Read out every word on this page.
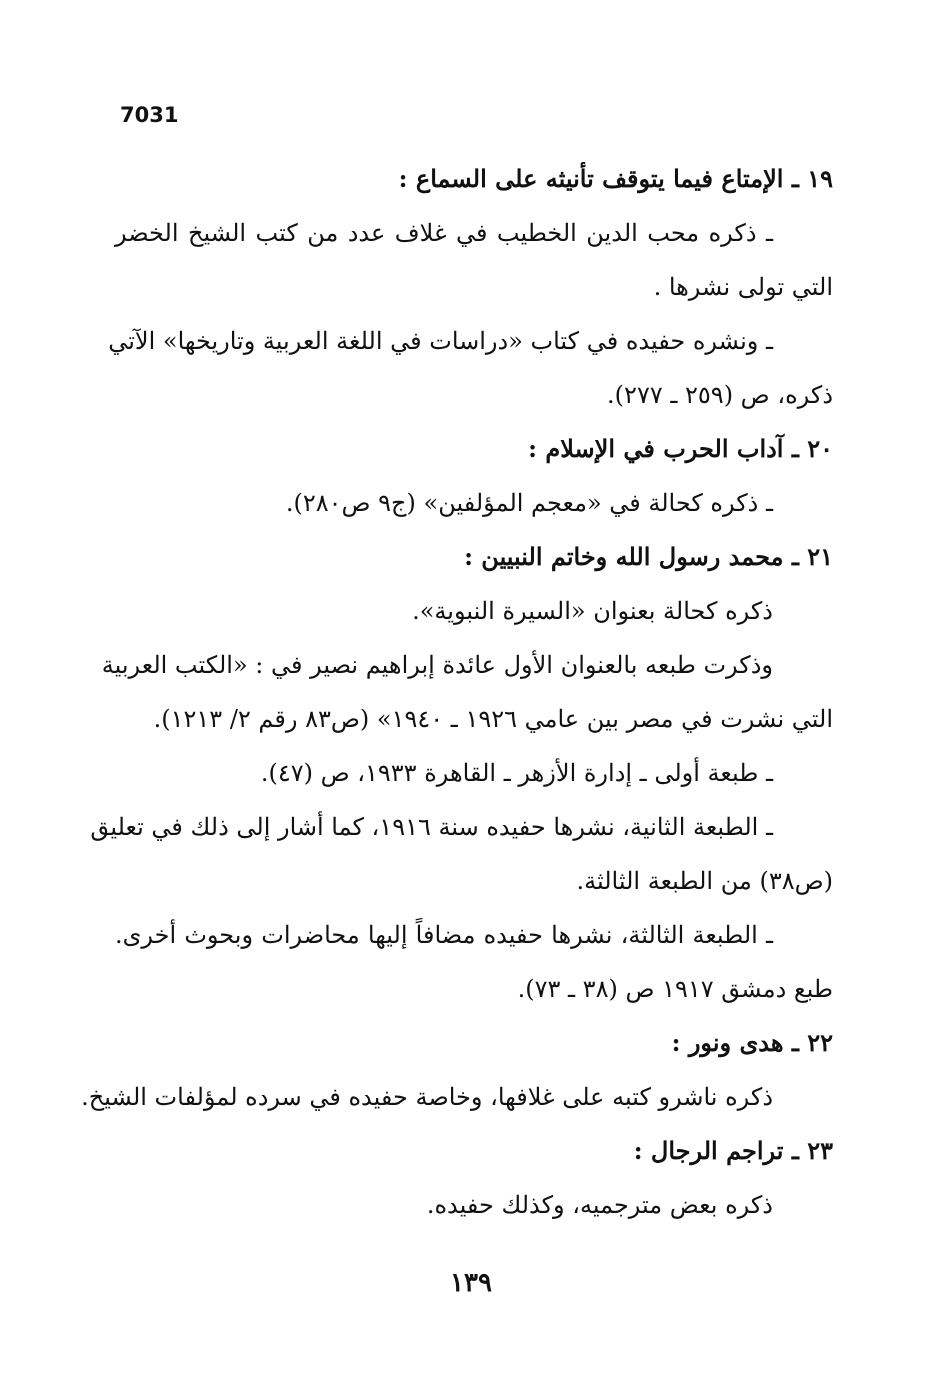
7031
١٩ ـ الإمتاع فيما يتوقف تأنيثه على السماع :
ـ ذكره محب الدين الخطيب في غلاف عدد من كتب الشيخ الخضر
التي تولى نشرها .
ـ ونشره حفيده في كتاب «دراسات في اللغة العربية وتاريخها» الآتي
ذكره، ص (٢٥٩ ـ ٢٧٧).
٢٠ ـ آداب الحرب في الإسلام :
ـ ذكره كحالة في «معجم المؤلفين» (ج٩ ص٢٨٠).
٢١ ـ محمد رسول الله وخاتم النبيين :
ذكره كحالة بعنوان «السيرة النبوية».
وذكرت طبعه بالعنوان الأول عائدة إبراهيم نصير في : «الكتب العربية
التي نشرت في مصر بين عامي ١٩٢٦ ـ ١٩٤٠» (ص٨٣ رقم ٢/ ١٢١٣).
ـ طبعة أولى ـ إدارة الأزهر ـ القاهرة ١٩٣٣، ص (٤٧).
ـ الطبعة الثانية، نشرها حفيده سنة ١٩١٦، كما أشار إلى ذلك في تعليق
(ص٣٨) من الطبعة الثالثة.
ـ الطبعة الثالثة، نشرها حفيده مضافاً إليها محاضرات وبحوث أخرى.
طبع دمشق ١٩١٧ ص (٣٨ ـ ٧٣).
٢٢ ـ هدى ونور :
ذكره ناشرو كتبه على غلافها، وخاصة حفيده في سرده لمؤلفات الشيخ.
٢٣ ـ تراجم الرجال :
ذكره بعض مترجميه، وكذلك حفيده.
١٣٩
